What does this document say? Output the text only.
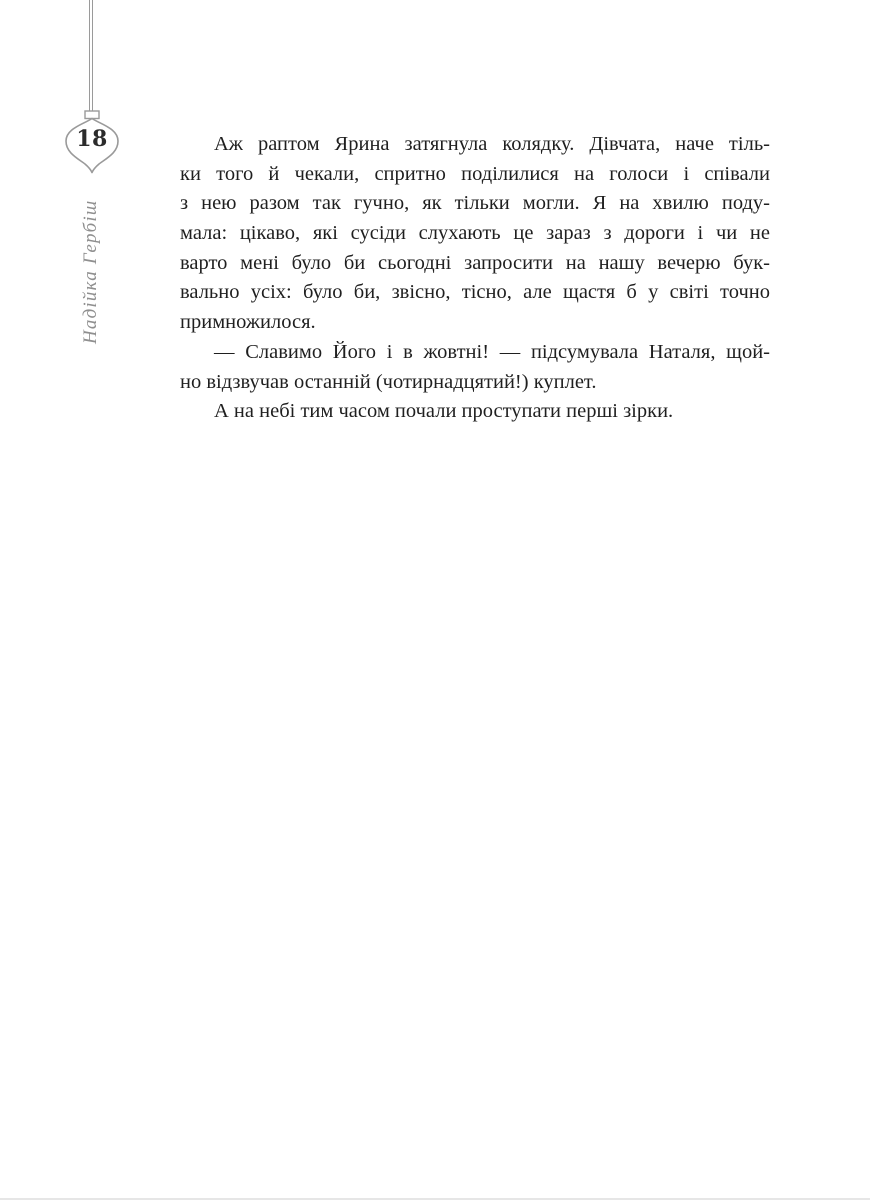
18
Надійка Гербіш
Аж раптом Ярина затягнула колядку. Дівчата, наче тіль-
ки того й чекали, спритно поділилися на голоси і співали
з нею разом так гучно, як тільки могли. Я на хвилю поду-
мала: цікаво, які сусіди слухають це зараз з дороги і чи не
варто мені було би сьогодні запросити на нашу вечерю бук-
вально усіх: було би, звісно, тісно, але щастя б у світі точно
примножилося.
— Славимо Його і в жовтні! — підсумувала Наталя, щой-
но відзвучав останній (чотирнадцятий!) куплет.
А на небі тим часом почали проступати перші зірки.
